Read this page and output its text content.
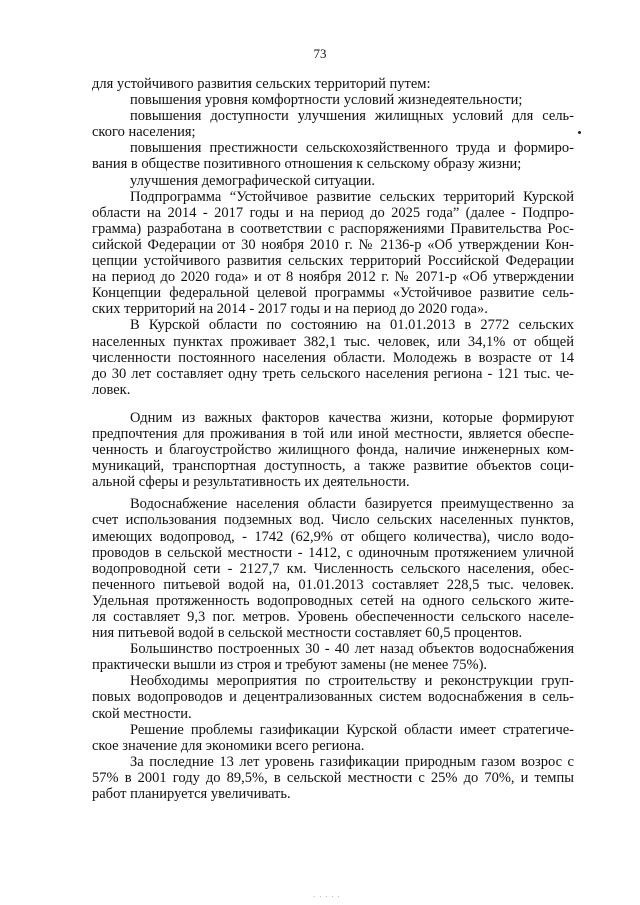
73
для устойчивого развития сельских территорий путем:
повышения уровня комфортности условий жизнедеятельности;
повышения доступности улучшения жилищных условий для сель-
ского населения;
повышения престижности сельскохозяйственного труда и формиро-
вания в обществе позитивного отношения к сельскому образу жизни;
улучшения демографической ситуации.
Подпрограмма “Устойчивое развитие сельских территорий Курской
области на 2014 - 2017 годы и на период до 2025 года” (далее - Подпро-
грамма) разработана в соответствии с распоряжениями Правительства Рос-
сийской Федерации от 30 ноября 2010 г. № 2136-р «Об утверждении Кон-
цепции устойчивого развития сельских территорий Российской Федерации
на период до 2020 года» и от 8 ноября 2012 г. № 2071-р «Об утверждении
Концепции федеральной целевой программы «Устойчивое развитие сель-
ских территорий на 2014 - 2017 годы и на период до 2020 года».
В Курской области по состоянию на 01.01.2013 в 2772 сельских
населенных пунктах проживает 382,1 тыс. человек, или 34,1% от общей
численности постоянного населения области. Молодежь в возрасте от 14
до 30 лет составляет одну треть сельского населения региона - 121 тыс. че-
ловек.
Одним из важных факторов качества жизни, которые формируют
предпочтения для проживания в той или иной местности, является обеспе-
ченность и благоустройство жилищного фонда, наличие инженерных ком-
муникаций, транспортная доступность, а также развитие объектов соци-
альной сферы и результативность их деятельности.
Водоснабжение населения области базируется преимущественно за
счет использования подземных вод. Число сельских населенных пунктов,
имеющих водопровод, - 1742 (62,9% от общего количества), число водо-
проводов в сельской местности - 1412, с одиночным протяжением уличной
водопроводной сети - 2127,7 км. Численность сельского населения, обес-
печенного питьевой водой на, 01.01.2013 составляет 228,5 тыс. человек.
Удельная протяженность водопроводных сетей на одного сельского жите-
ля составляет 9,3 пог. метров. Уровень обеспеченности сельского населе-
ния питьевой водой в сельской местности составляет 60,5 процентов.
Большинство построенных 30 - 40 лет назад объектов водоснабжения
практически вышли из строя и требуют замены (не менее 75%).
Необходимы мероприятия по строительству и реконструкции груп-
повых водопроводов и децентрализованных систем водоснабжения в сель-
ской местности.
Решение проблемы газификации Курской области имеет стратегиче-
ское значение для экономики всего региона.
За последние 13 лет уровень газификации природным газом возрос с
57% в 2001 году до 89,5%, в сельской местности с 25% до 70%, и темпы
работ планируется увеличивать.
· · · · ·
